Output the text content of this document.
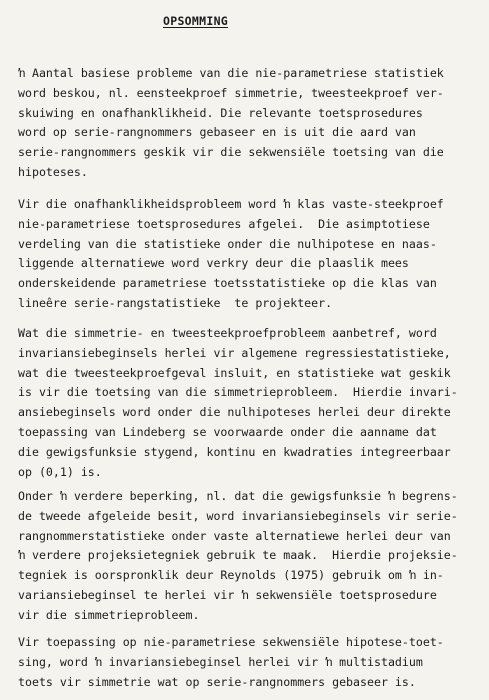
OPSOMMING

ŉ Aantal basiese probleme van die nie-parametriese statistiek
word beskou, nl. eensteekproef simmetrie, tweesteekproef ver-
skuiwing en onafhanklikheid. Die relevante toetsprosedures
word op serie-rangnommers gebaseer en is uit die aard van
serie-rangnommers geskik vir die sekwensiële toetsing van die
hipoteses.

Vir die onafhanklikheidsprobleem word ŉ klas vaste-steekproef
nie-parametriese toetsprosedures afgelei.  Die asimptotiese
verdeling van die statistieke onder die nulhipotese en naas-
liggende alternatiewe word verkry deur die plaaslik mees
onderskeidende parametriese toetsstatistieke op die klas van
lineêre serie-rangstatistieke  te projekteer.

Wat die simmetrie- en tweesteekproefprobleem aanbetref, word
invariansiebeginsels herlei vir algemene regressiestatistieke,
wat die tweesteekproefgeval insluit, en statistieke wat geskik
is vir die toetsing van die simmetrieprobleem.  Hierdie invari-
ansiebeginsels word onder die nulhipoteses herlei deur direkte
toepassing van Lindeberg se voorwaarde onder die aanname dat
die gewigsfunksie stygend, kontinu en kwadraties integreerbaar
op (0,1) is.

Onder ŉ verdere beperking, nl. dat die gewigsfunksie ŉ begrens-
de tweede afgeleide besit, word invariansiebeginsels vir serie-
rangnommerstatistieke onder vaste alternatiewe herlei deur van
ŉ verdere projeksietegniek gebruik te maak.  Hierdie projeksie-
tegniek is oorspronklik deur Reynolds (1975) gebruik om ŉ in-
variansiebeginsel te herlei vir ŉ sekwensiële toetsprosedure
vir die simmetrieprobleem.

Vir toepassing op nie-parametriese sekwensiële hipotese-toet-
sing, word ŉ invariansiebeginsel herlei vir ŉ multistadium
toets vir simmetrie wat op serie-rangnommers gebaseer is.
